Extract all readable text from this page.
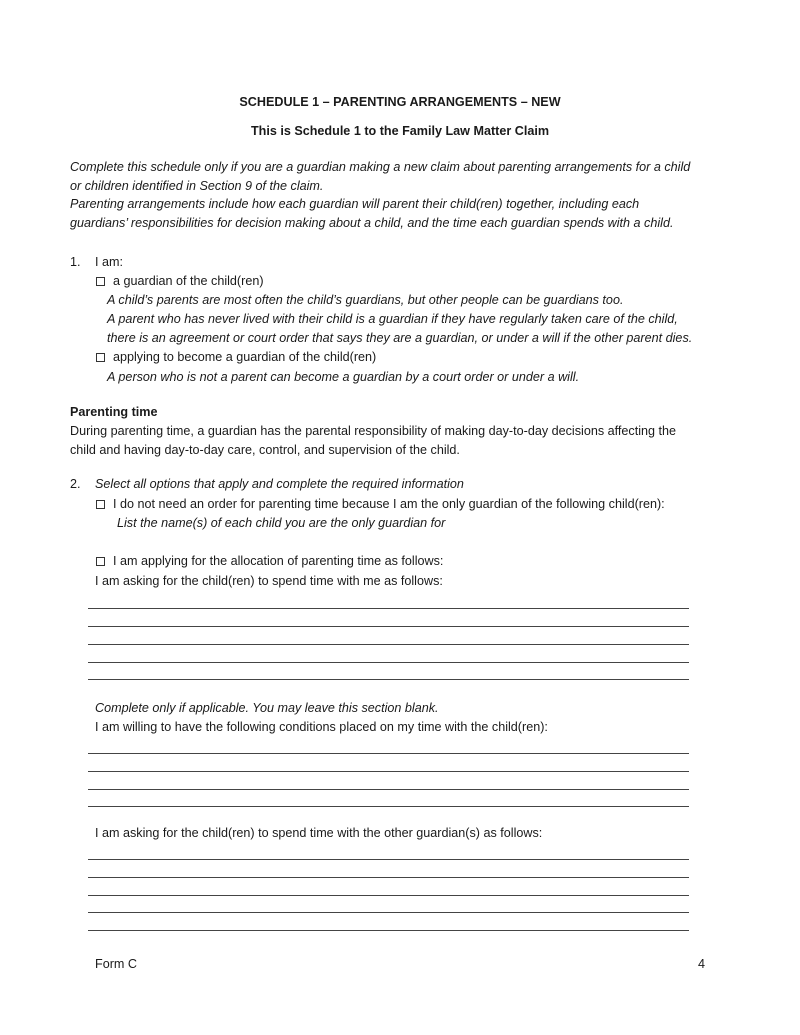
SCHEDULE 1 – PARENTING ARRANGEMENTS – NEW
This is Schedule 1 to the Family Law Matter Claim
Complete this schedule only if you are a guardian making a new claim about parenting arrangements for a child
or children identified in Section 9 of the claim.
Parenting arrangements include how each guardian will parent their child(ren) together, including each
guardians’ responsibilities for decision making about a child, and the time each guardian spends with a child.
1. I am:
a guardian of the child(ren)
A child’s parents are most often the child’s guardians, but other people can be guardians too.
A parent who has never lived with their child is a guardian if they have regularly taken care of the child,
there is an agreement or court order that says they are a guardian, or under a will if the other parent dies.
applying to become a guardian of the child(ren)
A person who is not a parent can become a guardian by a court order or under a will.
Parenting time
During parenting time, a guardian has the parental responsibility of making day-to-day decisions affecting the
child and having day-to-day care, control, and supervision of the child.
2. Select all options that apply and complete the required information
I do not need an order for parenting time because I am the only guardian of the following child(ren):
List the name(s) of each child you are the only guardian for
I am applying for the allocation of parenting time as follows:
I am asking for the child(ren) to spend time with me as follows:
Complete only if applicable. You may leave this section blank.
I am willing to have the following conditions placed on my time with the child(ren):
I am asking for the child(ren) to spend time with the other guardian(s) as follows:
Form C	4
